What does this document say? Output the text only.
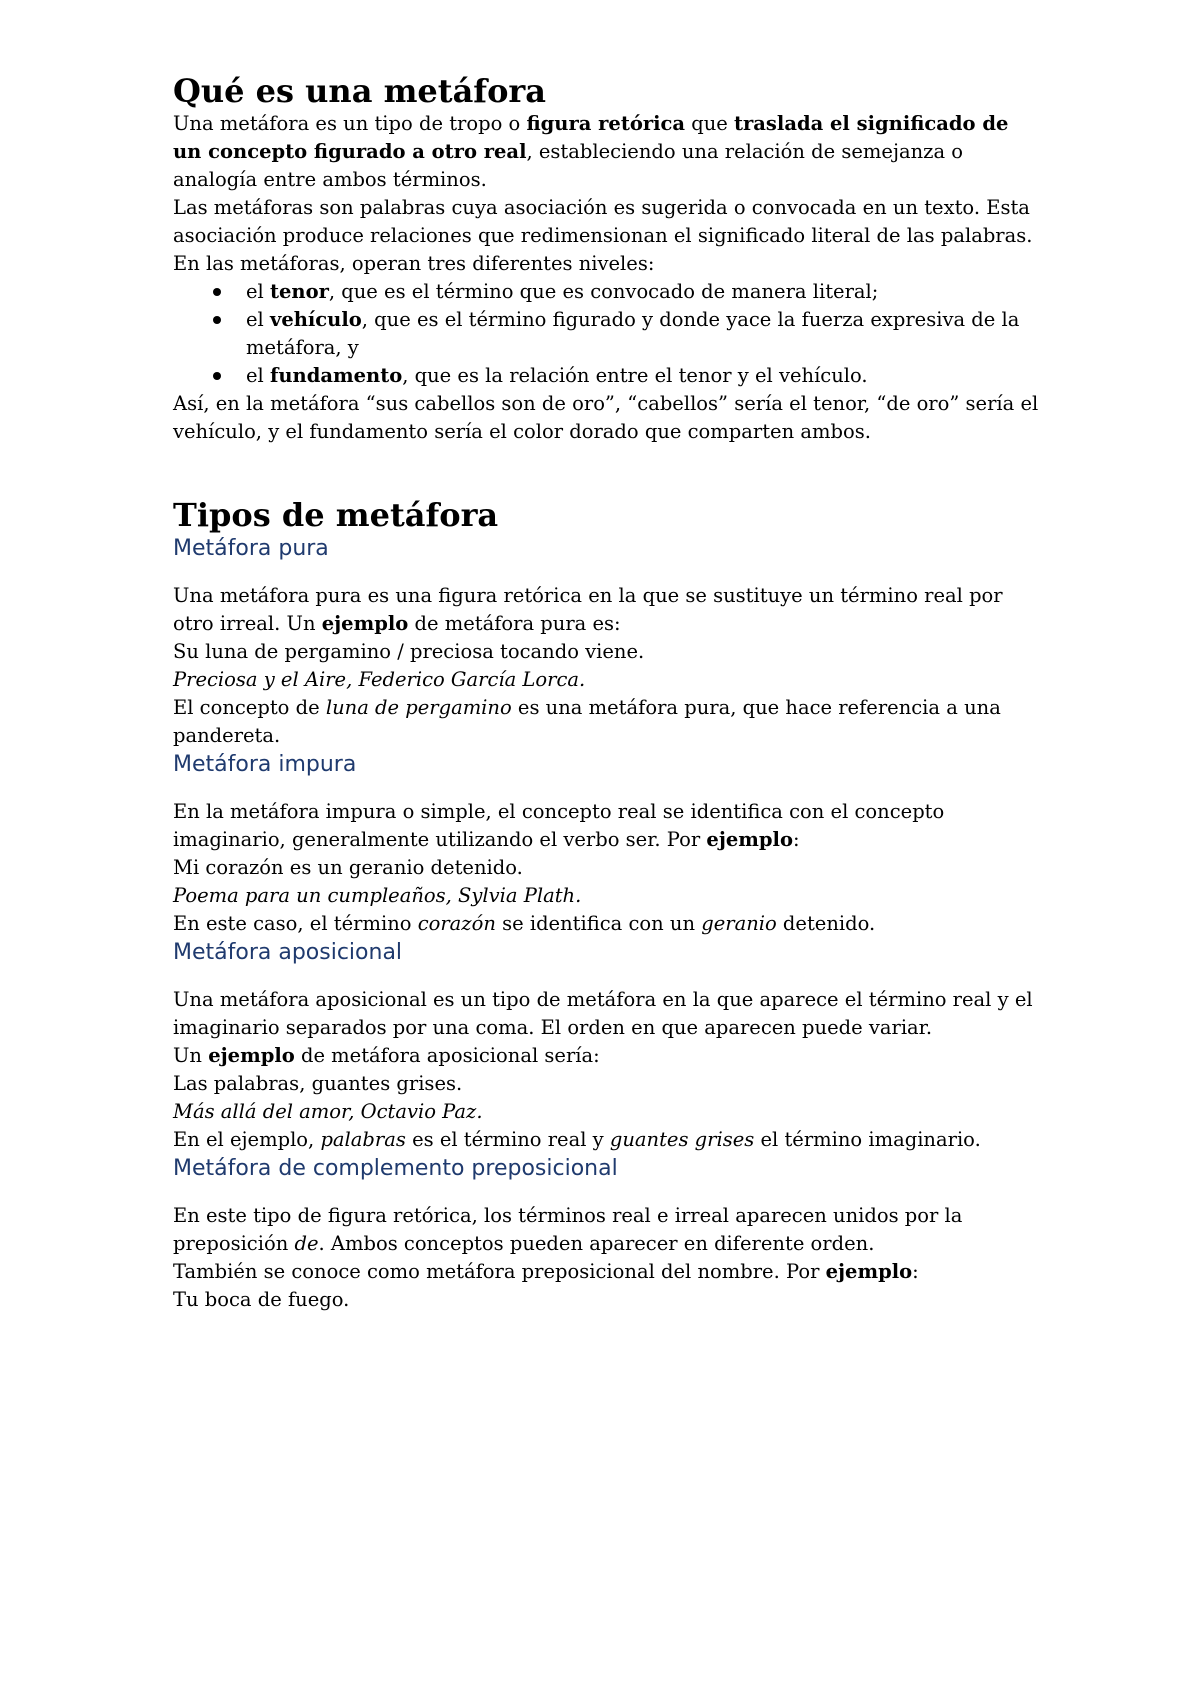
Qué es una metáfora

Una metáfora es un tipo de tropo o figura retórica que traslada el significado de un concepto figurado a otro real, estableciendo una relación de semejanza o analogía entre ambos términos.

Las metáforas son palabras cuya asociación es sugerida o convocada en un texto. Esta asociación produce relaciones que redimensionan el significado literal de las palabras.

En las metáforas, operan tres diferentes niveles:

el tenor, que es el término que es convocado de manera literal;
el vehículo, que es el término figurado y donde yace la fuerza expresiva de la metáfora, y
el fundamento, que es la relación entre el tenor y el vehículo.

Así, en la metáfora “sus cabellos son de oro”, “cabellos” sería el tenor, “de oro” sería el vehículo, y el fundamento sería el color dorado que comparten ambos.

Tipos de metáfora
Metáfora pura

Una metáfora pura es una figura retórica en la que se sustituye un término real por otro irreal. Un ejemplo de metáfora pura es:

Su luna de pergamino / preciosa tocando viene.

Preciosa y el Aire, Federico García Lorca.

El concepto de luna de pergamino es una metáfora pura, que hace referencia a una pandereta.

Metáfora impura

En la metáfora impura o simple, el concepto real se identifica con el concepto imaginario, generalmente utilizando el verbo ser. Por ejemplo:

Mi corazón es un geranio detenido.

Poema para un cumpleaños, Sylvia Plath.

En este caso, el término corazón se identifica con un geranio detenido.

Metáfora aposicional

Una metáfora aposicional es un tipo de metáfora en la que aparece el término real y el imaginario separados por una coma. El orden en que aparecen puede variar.

Un ejemplo de metáfora aposicional sería:

Las palabras, guantes grises.

Más allá del amor, Octavio Paz.

En el ejemplo, palabras es el término real y guantes grises el término imaginario.

Metáfora de complemento preposicional

En este tipo de figura retórica, los términos real e irreal aparecen unidos por la preposición de. Ambos conceptos pueden aparecer en diferente orden.

También se conoce como metáfora preposicional del nombre. Por ejemplo:

Tu boca de fuego.
